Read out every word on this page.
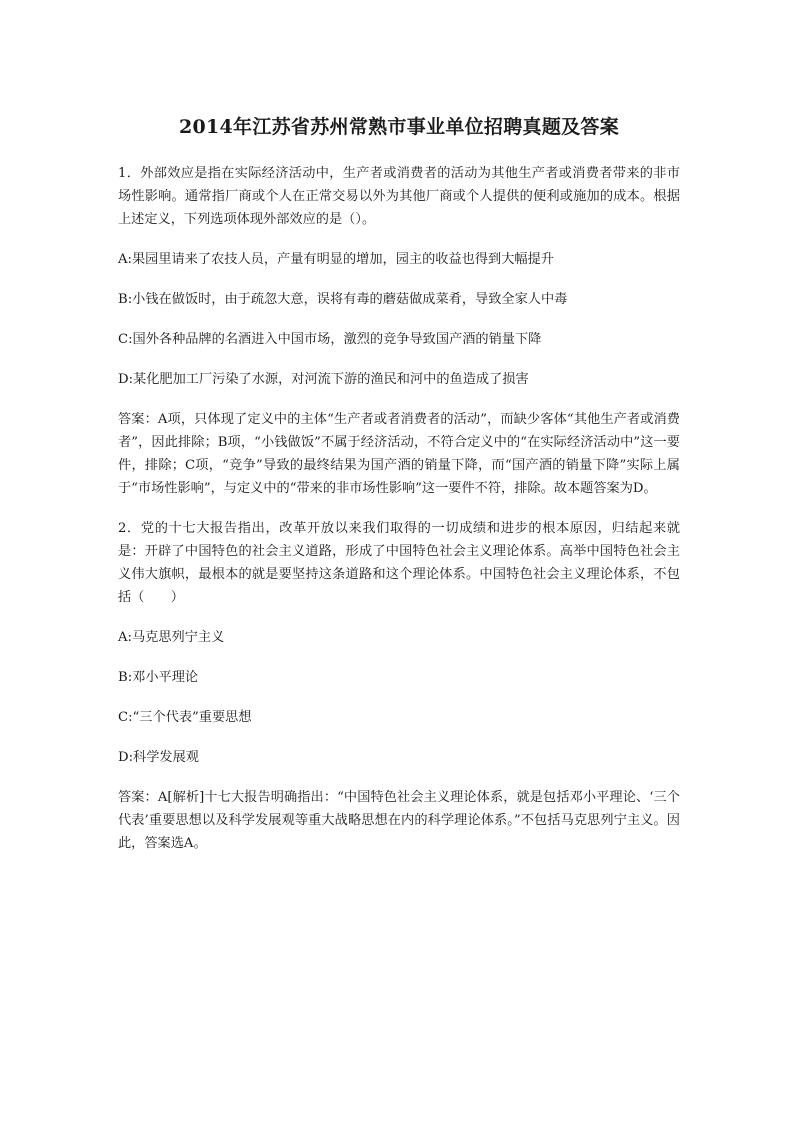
2014年江苏省苏州常熟市事业单位招聘真题及答案

1．外部效应是指在实际经济活动中，生产者或消费者的活动为其他生产者或消费者带来的非市场性影响。通常指厂商或个人在正常交易以外为其他厂商或个人提供的便利或施加的成本。根据上述定义，下列选项体现外部效应的是（）。

A:果园里请来了农技人员，产量有明显的增加，园主的收益也得到大幅提升

B:小钱在做饭时，由于疏忽大意，误将有毒的蘑菇做成菜肴，导致全家人中毒

C:国外各种品牌的名酒进入中国市场，激烈的竞争导致国产酒的销量下降

D:某化肥加工厂污染了水源，对河流下游的渔民和河中的鱼造成了损害

答案：A项，只体现了定义中的主体“生产者或者消费者的活动”，而缺少客体“其他生产者或消费者”，因此排除；B项，“小钱做饭”不属于经济活动，不符合定义中的“在实际经济活动中”这一要件，排除；C项，“竞争”导致的最终结果为国产酒的销量下降，而“国产酒的销量下降”实际上属于“市场性影响”，与定义中的“带来的非市场性影响”这一要件不符，排除。故本题答案为D。

2．党的十七大报告指出，改革开放以来我们取得的一切成绩和进步的根本原因，归结起来就是：开辟了中国特色的社会主义道路，形成了中国特色社会主义理论体系。高举中国特色社会主义伟大旗帜，最根本的就是要坚持这条道路和这个理论体系。中国特色社会主义理论体系，不包括（　　）

A:马克思列宁主义

B:邓小平理论

C:“三个代表”重要思想

D:科学发展观

答案：A[解析]十七大报告明确指出：“中国特色社会主义理论体系，就是包括邓小平理论、‘三个代表’重要思想以及科学发展观等重大战略思想在内的科学理论体系。”不包括马克思列宁主义。因此，答案选A。
